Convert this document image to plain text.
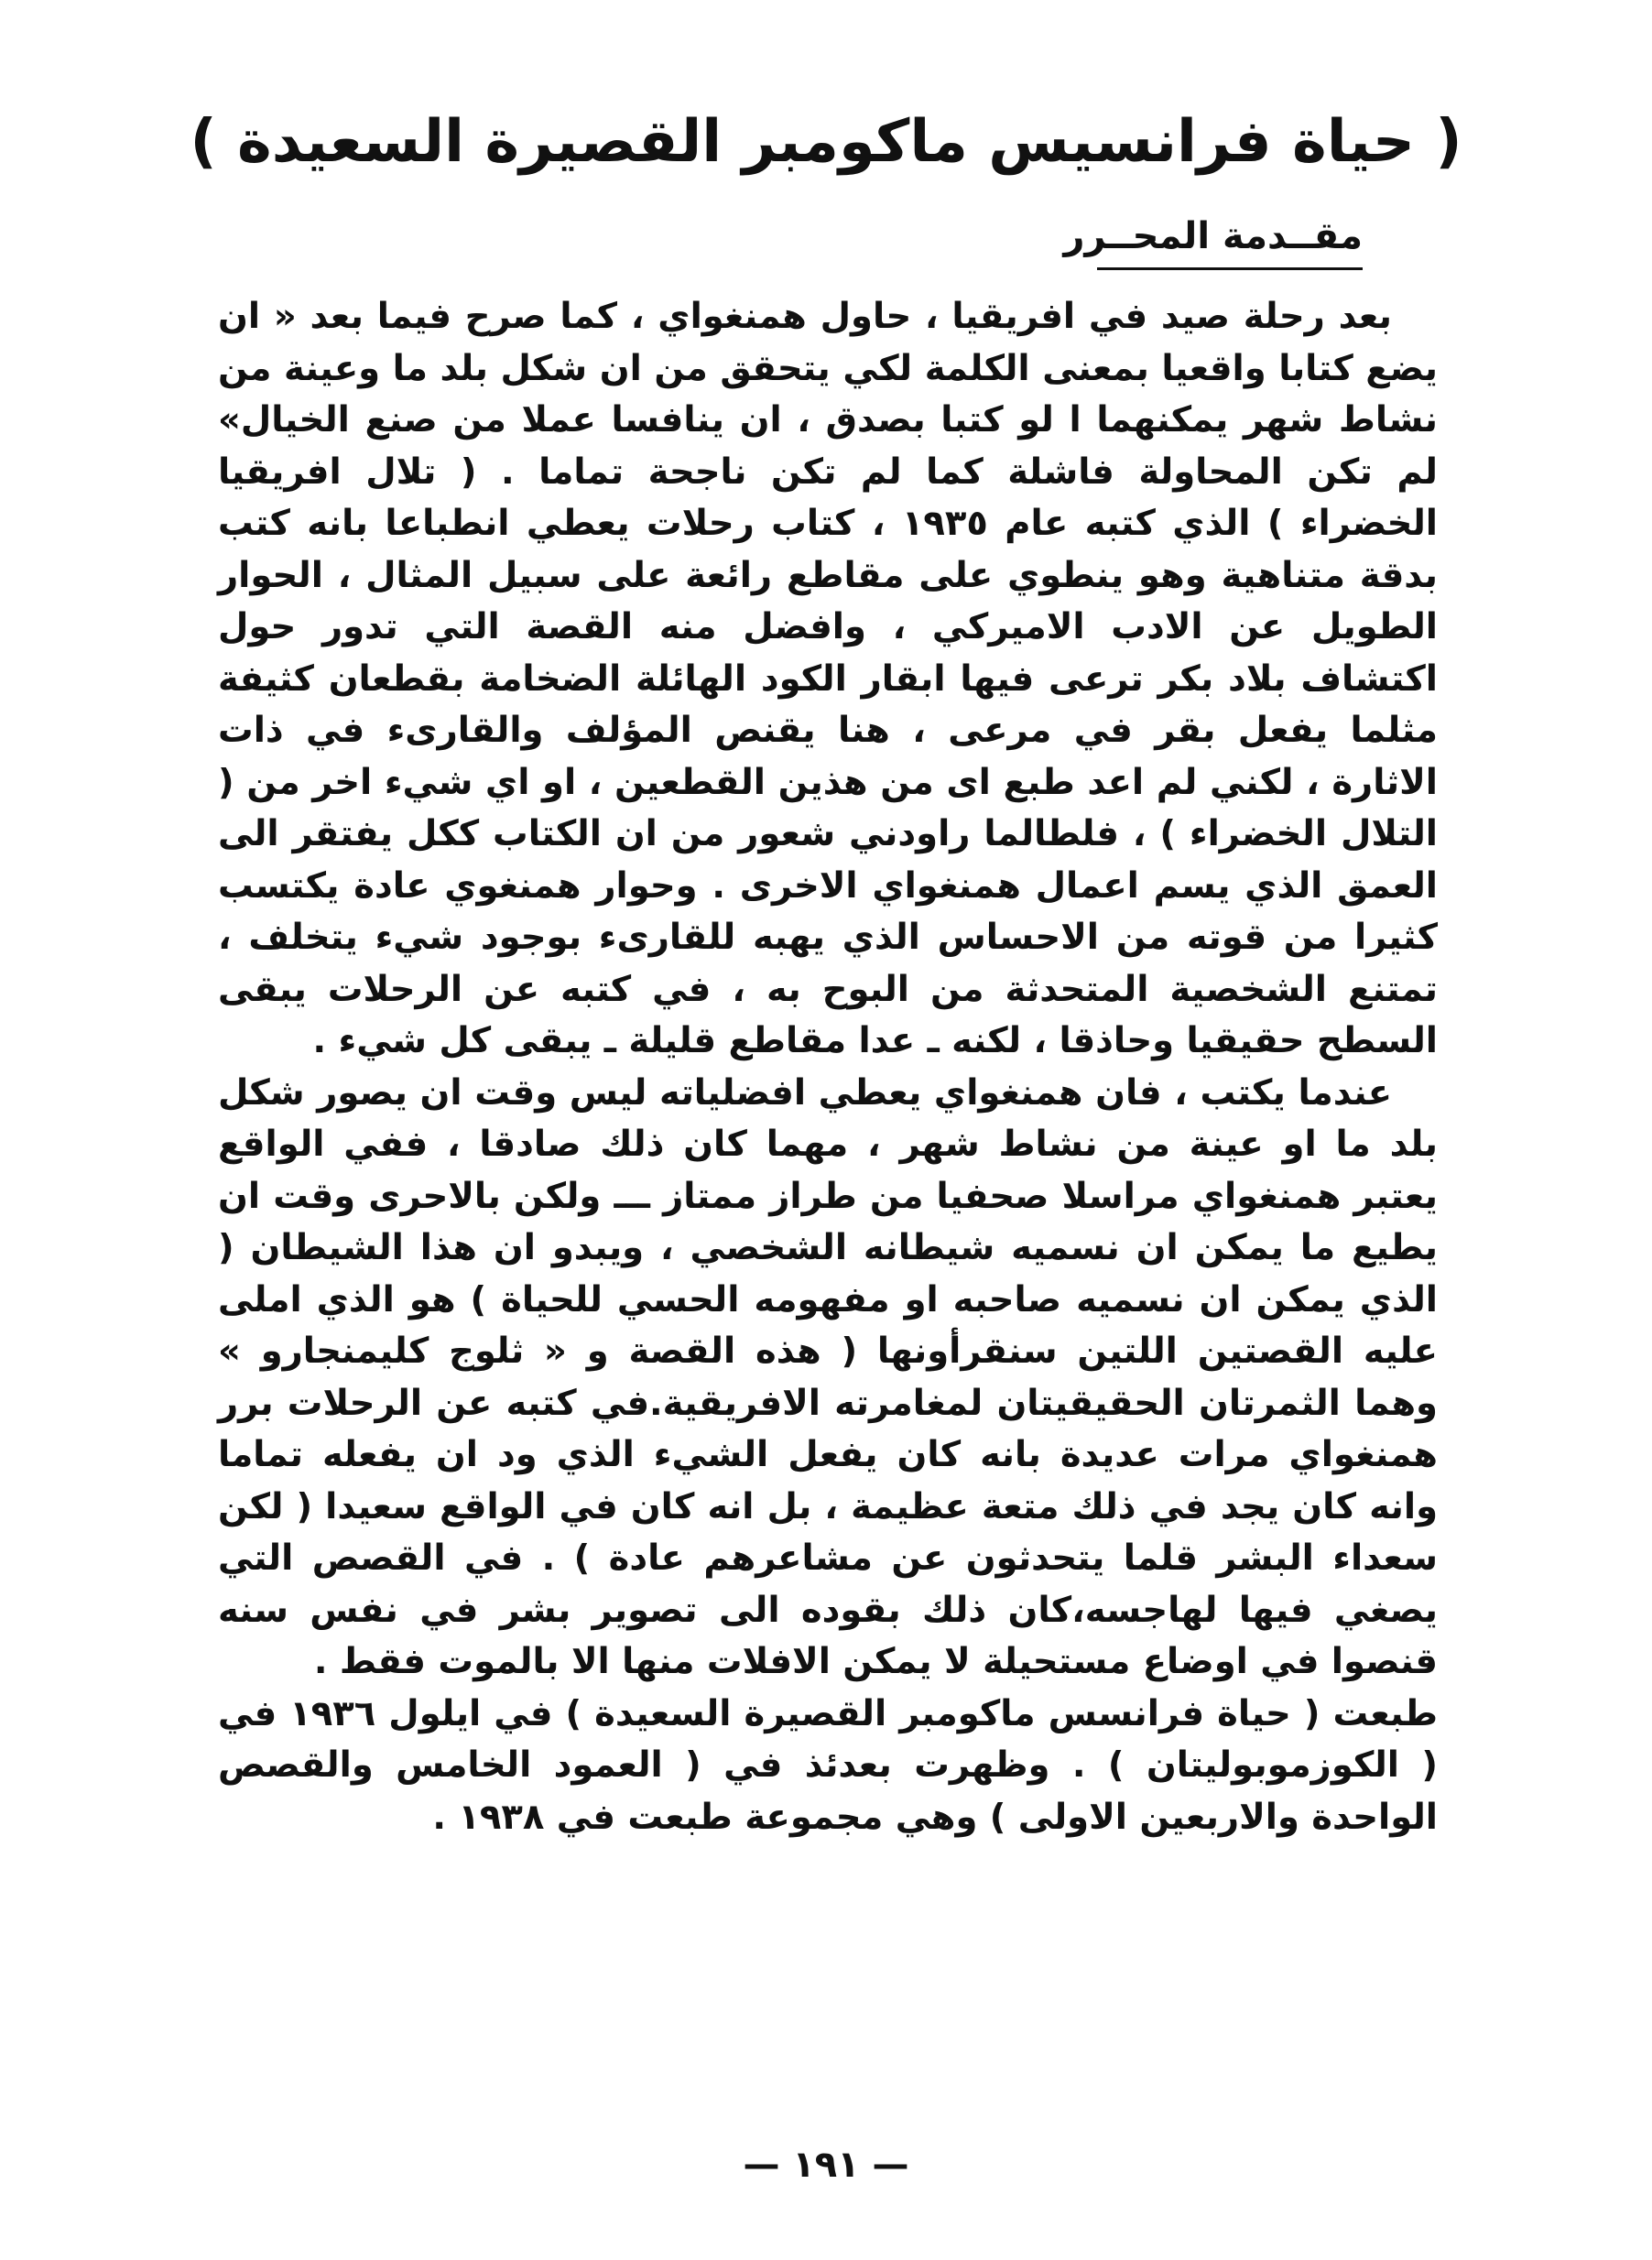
( حياة فرانسيس ماكومبر القصيرة السعيدة )
مقــدمة المحــرر

بعد رحلة صيد في افريقيا ، حاول همنغواي ، كما صرح فيما بعد « ان يضع كتابا واقعيا بمعنى الكلمة لكي يتحقق من ان شكل بلد ما وعينة من نشاط شهر يمكنهما ا لو كتبا بصدق ، ان ينافسا عملا من صنع الخيال» لم تكن المحاولة فاشلة كما لم تكن ناجحة تماما . ( تلال افريقيا الخضراء ) الذي كتبه عام ١٩٣٥ ، كتاب رحلات يعطي انطباعا بانه كتب بدقة متناهية وهو ينطوي على مقاطع رائعة على سبيل المثال ، الحوار الطويل عن الادب الاميركي ، وافضل منه القصة التي تدور حول اكتشاف بلاد بكر ترعى فيها ابقار الكود الهائلة الضخامة بقطعان كثيفة مثلما يفعل بقر في مرعى ، هنا يقنص المؤلف والقارىء في ذات الاثارة ، لكني لم اعد طبع اى من هذين القطعين ، او اي شيء اخر من ( التلال الخضراء ) ، فلطالما راودني شعور من ان الكتاب ككل يفتقر الى العمق الذي يسم اعمال همنغواي الاخرى . وحوار همنغوي عادة يكتسب كثيرا من قوته من الاحساس الذي يهبه للقارىء بوجود شيء يتخلف ، تمتنع الشخصية المتحدثة من البوح به ، في كتبه عن الرحلات يبقى السطح حقيقيا وحاذقا ، لكنه ـ عدا مقاطع قليلة ـ يبقى كل شيء .

عندما يكتب ، فان همنغواي يعطي افضلياته ليس وقت ان يصور شكل بلد ما او عينة من نشاط شهر ، مهما كان ذلك صادقا ، ففي الواقع يعتبر همنغواي مراسلا صحفيا من طراز ممتاز ـــ ولكن بالاحرى وقت ان يطيع ما يمكن ان نسميه شيطانه الشخصي ، ويبدو ان هذا الشيطان ( الذي يمكن ان نسميه صاحبه او مفهومه الحسي للحياة ) هو الذي املى عليه القصتين اللتين سنقرأونها ( هذه القصة و « ثلوج كليمنجارو » وهما الثمرتان الحقيقيتان لمغامرته الافريقية.في كتبه عن الرحلات برر همنغواي مرات عديدة بانه كان يفعل الشيء الذي ود ان يفعله تماما وانه كان يجد في ذلك متعة عظيمة ، بل انه كان في الواقع سعيدا ( لكن سعداء البشر قلما يتحدثون عن مشاعرهم عادة ) . في القصص التي يصغي فيها لهاجسه،كان ذلك بقوده الى تصوير بشر في نفس سنه قنصوا في اوضاع مستحيلة لا يمكن الافلات منها الا بالموت فقط .

طبعت ( حياة فرانسس ماكومبر القصيرة السعيدة ) في ايلول ١٩٣٦ في ( الكوزموبوليتان ) . وظهرت بعدئذ في ( العمود الخامس والقصص الواحدة والاربعين الاولى ) وهي مجموعة طبعت في ١٩٣٨ .

— ١٩١ —
